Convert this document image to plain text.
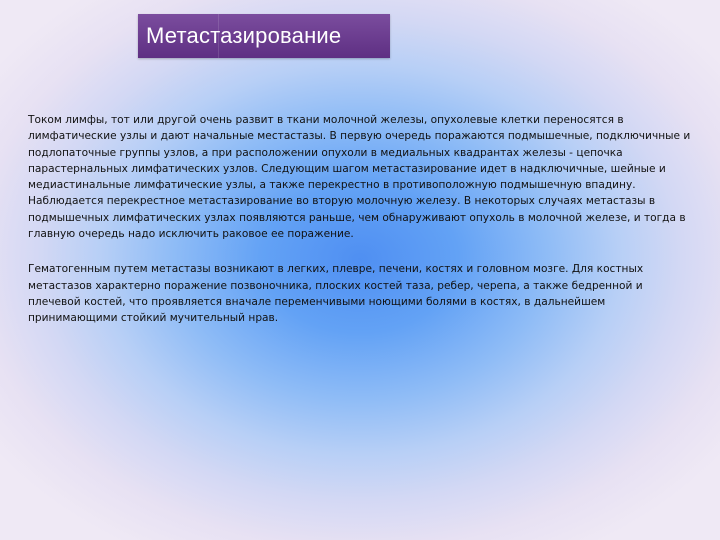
Метастазирование

Током лимфы, тот или другой очень развит в ткани молочной железы, опухолевые клетки переносятся в лимфатические узлы и дают начальные местастазы. В первую очередь поражаются подмышечные, подключичные и подлопаточные группы узлов, а при расположении опухоли в медиальных квадрантах железы - цепочка парастернальных лимфатических узлов. Следующим шагом метастазирование идет в надключичные, шейные и медиастинальные лимфатические узлы, а также перекрестно в противоположную подмышечную впадину. Наблюдается перекрестное метастазирование во вторую молочную железу. В некоторых случаях метастазы в подмышечных лимфатических узлах появляются раньше, чем обнаруживают опухоль в молочной железе, и тогда в главную очередь надо исключить раковое ее поражение.

Гематогенным путем метастазы возникают в легких, плевре, печени, костях и головном мозге. Для костных метастазов характерно поражение позвоночника, плоских костей таза, ребер, черепа, а также бедренной и плечевой костей, что проявляется вначале переменчивыми ноющими болями в костях, в дальнейшем принимающими стойкий мучительный нрав.
